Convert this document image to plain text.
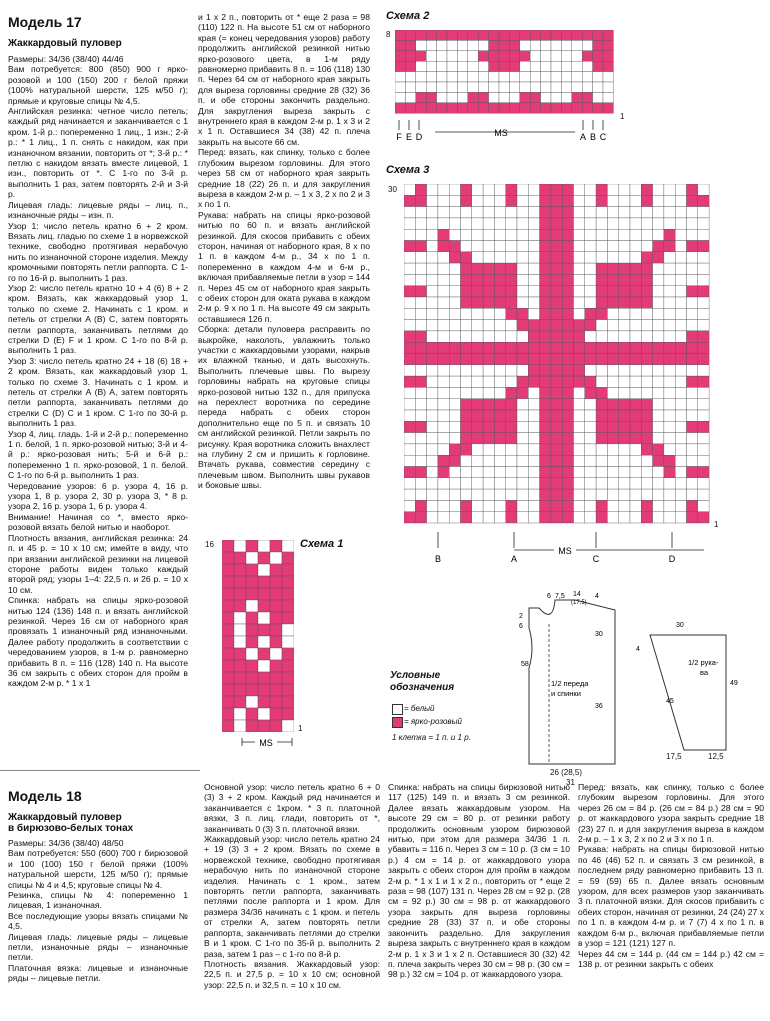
Модель 17
Жаккардовый пуловер
Размеры: 34/36 (38/40) 44/46
Вам потребуется: 800 (850) 900 г ярко-розовой и 100 (150) 200 г белой пряжи (100% натуральной шерсти, 125 м/50 г); прямые и круговые спицы № 4,5.
Английская резинка: четное число петель; каждый ряд начинается и заканчивается с 1 кром. 1-й р.: попеременно 1 лиц., 1 изн.; 2-й р.: * 1 лиц., 1 п. снять с накидом, как при изнаночном вязании, повторить от *; 3-й р.: * петлю с накидом вязать вместе лицевой, 1 изн., повторить от *. С 1-го по 3-й р. выполнить 1 раз, затем повторять 2-й и 3-й р.
Лицевая гладь: лицевые ряды – лиц. п., изнаночные ряды – изн. п.
Узор 1: число петель кратно 6 + 2 кром. Вязать лиц. гладью по схеме 1 в норвежской технике, свободно протягивая нерабочую нить по изнаночной стороне изделия. Между кромочными повторять петли раппорта. С 1-го по 16-й р. выполнить 1 раз.
Узор 2: число петель кратно 10 + 4 (6) 8 + 2 кром. Вязать, как жаккардовый узор 1, только по схеме 2. Начинать с 1 кром. и петель от стрелки A (B) C, затем повторять петли раппорта, заканчивать петлями до стрелки D (E) F и 1 кром. С 1-го по 8-й р. выполнить 1 раз.
Узор 3: число петель кратно 24 + 18 (6) 18 + 2 кром. Вязать, как жаккардовый узор 1, только по схеме 3. Начинать с 1 кром. и петель от стрелки A (B) A, затем повторять петли раппорта, заканчивать петлями до стрелки C (D) C и 1 кром. С 1-го по 30-й р. выполнить 1 раз.
Узор 4, лиц. гладь. 1-й и 2-й р.: попеременно 1 п. белой, 1 п. ярко-розовой нитью; 3-й и 4-й р.: ярко-розовая нить; 5-й и 6-й р.: попеременно 1 п. ярко-розовой, 1 п. белой. С 1-го по 6-й р. выполнить 1 раз.
Чередование узоров: 6 р. узора 4, 16 р. узора 1, 8 р. узора 2, 30 р. узора 3, * 8 р. узора 2, 16 р. узора 1, 6 р. узора 4.
Внимание! Начиная со *, вместо ярко-розовой вязать белой нитью и наоборот.
Плотность вязания, английская резинка: 24 п. и 45 р. = 10 х 10 см; имейте в виду, что при вязании английской резинки на лицевой стороне работы виден только каждый второй ряд; узоры 1–4: 22,5 п. и 26 р. = 10 х 10 см.
Спинка: набрать на спицы ярко-розовой нитью 124 (136) 148 п. и вязать английской резинкой. Через 16 см от наборного края провязать 1 изнаночный ряд изнаночными. Далее работу продолжить в соответствии с чередованием узоров, в 1-м р. равномерно прибавить 8 п. = 116 (128) 140 п. На высоте 36 см закрыть с обеих сторон для пройм в каждом 2-м р. * 1 х 1
и 1 х 2 п., повторить от * еще 2 раза = 98 (110) 122 п. На высоте 51 см от наборного края (= конец чередования узоров) работу продолжить английской резинкой нитью ярко-розового цвета, в 1-м ряду равномерно прибавить 8 п. = 106 (118) 130 п. Через 64 см от наборного края закрыть для выреза горловины средние 28 (32) 36 п. и обе стороны закончить раздельно. Для закругления выреза закрыть с внутреннего края в каждом 2-м р. 1 х 3 и 2 х 1 п. Оставшиеся 34 (38) 42 п. плеча закрыть на высоте 66 см.
Перед: вязать, как спинку, только с более глубоким вырезом горловины. Для этого через 58 см от наборного края закрыть средние 18 (22) 26 п. и для закругления выреза в каждом 2-м р. – 1 х 3, 2 х по 2 и 3 х по 1 п.
Рукава: набрать на спицы ярко-розовой нитью по 60 п. и вязать английской резинкой. Для скосов прибавить с обеих сторон, начиная от наборного края, 8 х по 1 п. в каждом 4-м р., 34 х по 1 п. попеременно в каждом 4-м и 6-м р., включая прибавляемые петли в узор = 144 п. Через 45 см от наборного края закрыть с обеих сторон для оката рукава в каждом 2-м р. 9 х по 1 п. На высоте 49 см закрыть оставшиеся 126 п.
Сборка: детали пуловера расправить по выкройке, наколоть, увлажнить только участки с жаккардовыми узорами, накрыв их влажной тканью, и дать высохнуть. Выполнить плечевые швы. По вырезу горловины набрать на круговые спицы ярко-розовой нитью 132 п., для припуска на перехлест воротника по середине переда набрать с обеих сторон дополнительно еще по 5 п. и связать 10 см английской резинкой. Петли закрыть по рисунку. Края воротника сложить внахлест на глубину 2 см и пришить к горловине. Втачать рукава, совместив середину с плечевым швом. Выполнить швы рукавов и боковые швы.
Схема 2
8
1
F E D	A B C
MS
Схема 3
30
1
B	A	C	D
MS
Схема 1
16
1
MS
Условные обозначения
= белый
= ярко-розовый
1 клетка = 1 п. и 1 р.
6 7,5 14
(17,5)
4
2
6
58
30
36
1/2 переда
и спинки
26 (28,5)
31
30
4
45
49
1/2 рука-
ва
17,5	12,5
Модель 18
Жаккардовый пуловер
в бирюзово-белых тонах
Размеры: 34/36 (38/40) 48/50
Вам потребуется: 550 (600) 700 г бирюзовой и 100 (100) 150 г белой пряжи (100% натуральной шерсти, 125 м/50 г); прямые спицы № 4 и 4,5; круговые спицы № 4.
Резинка, спицы № 4: попеременно 1 лицевая, 1 изнаночная.
Все последующие узоры вязать спицами № 4,5.
Лицевая гладь: лицевые ряды – лицевые петли, изнаночные ряды – изнаночные петли.
Платочная вязка: лицевые и изнаночные ряды – лицевые петли.
Основной узор: число петель кратно 6 + 0 (3) 3 + 2 кром. Каждый ряд начинается и заканчивается с 1кром. * 3 п. платочной вязки, 3 п. лиц. глади, повторить от *, заканчивать 0 (3) 3 п. платочной вязки.
Жаккардовый узор: число петель кратно 24 + 19 (3) 3 + 2 кром. Вязать по схеме в норвежской технике, свободно протягивая нерабочую нить по изнаночной стороне изделия. Начинать с 1 кром., затем повторять петли раппорта, заканчивать петлями после раппорта и 1 кром. Для размера 34/36 начинать с 1 кром. и петель от стрелки A, затем повторять петли раппорта, заканчивать петлями до стрелки B и 1 кром. С 1-го по 35-й р. выполнить 2 раза, затем 1 раз – с 1-го по 8-й р.
Плотность вязания. Жаккардовый узор: 22,5 п. и 27,5 р. = 10 х 10 см; основной узор: 22,5 п. и 32,5 п. = 10 х 10 см.
Спинка: набрать на спицы бирюзовой нитью 117 (125) 149 п. и вязать 3 см резинкой. Далее вязать жаккардовым узором. На высоте 29 см = 80 р. от резинки работу продолжить основным узором бирюзовой нитью, при этом для размера 34/36 1 п. убавить = 116 п. Через 3 см = 10 р. (3 см = 10 р.) 4 см = 14 р. от жаккардового узора закрыть с обеих сторон для пройм в каждом 2-м р. * 1 х 1 и 1 х 2 п., повторить от * еще 2 раза = 98 (107) 131 п. Через 28 см = 92 р. (28 см = 92 р.) 30 см = 98 р. от жаккардового узора закрыть для выреза горловины средние 28 (33) 37 п. и обе стороны закончить раздельно. Для закругления выреза закрыть с внутреннего края в каждом 2-м р. 1 х 3 и 1 х 2 п. Оставшиеся 30 (32) 42 п. плеча закрыть через 30 см = 98 р. (30 см = 98 р.) 32 см = 104 р. от жаккардового узора.
Перед: вязать, как спинку, только с более глубоким вырезом горловины. Для этого через 26 см = 84 р. (26 см = 84 р.) 28 см = 90 р. от жаккардового узора закрыть средние 18 (23) 27 п. и для закругления выреза в каждом 2-м р. – 1 х 3, 2 х по 2 и 3 х по 1 п.
Рукава: набрать на спицы бирюзовой нитью по 46 (46) 52 п. и связать 3 см резинкой, в последнем ряду равномерно прибавить 13 п. = 59 (59) 65 п. Далее вязать основным узором, для всех размеров узор заканчивать 3 п. платочной вязки. Для скосов прибавить с обеих сторон, начиная от резинки, 24 (24) 27 х по 1 п. в каждом 4-м р. и 7 (7) 4 х по 1 п. в каждом 6-м р., включая прибавляемые петли в узор = 121 (121) 127 п.
Через 44 см = 144 р. (44 см = 144 р.) 42 см = 138 р. от резинки закрыть с обеих
